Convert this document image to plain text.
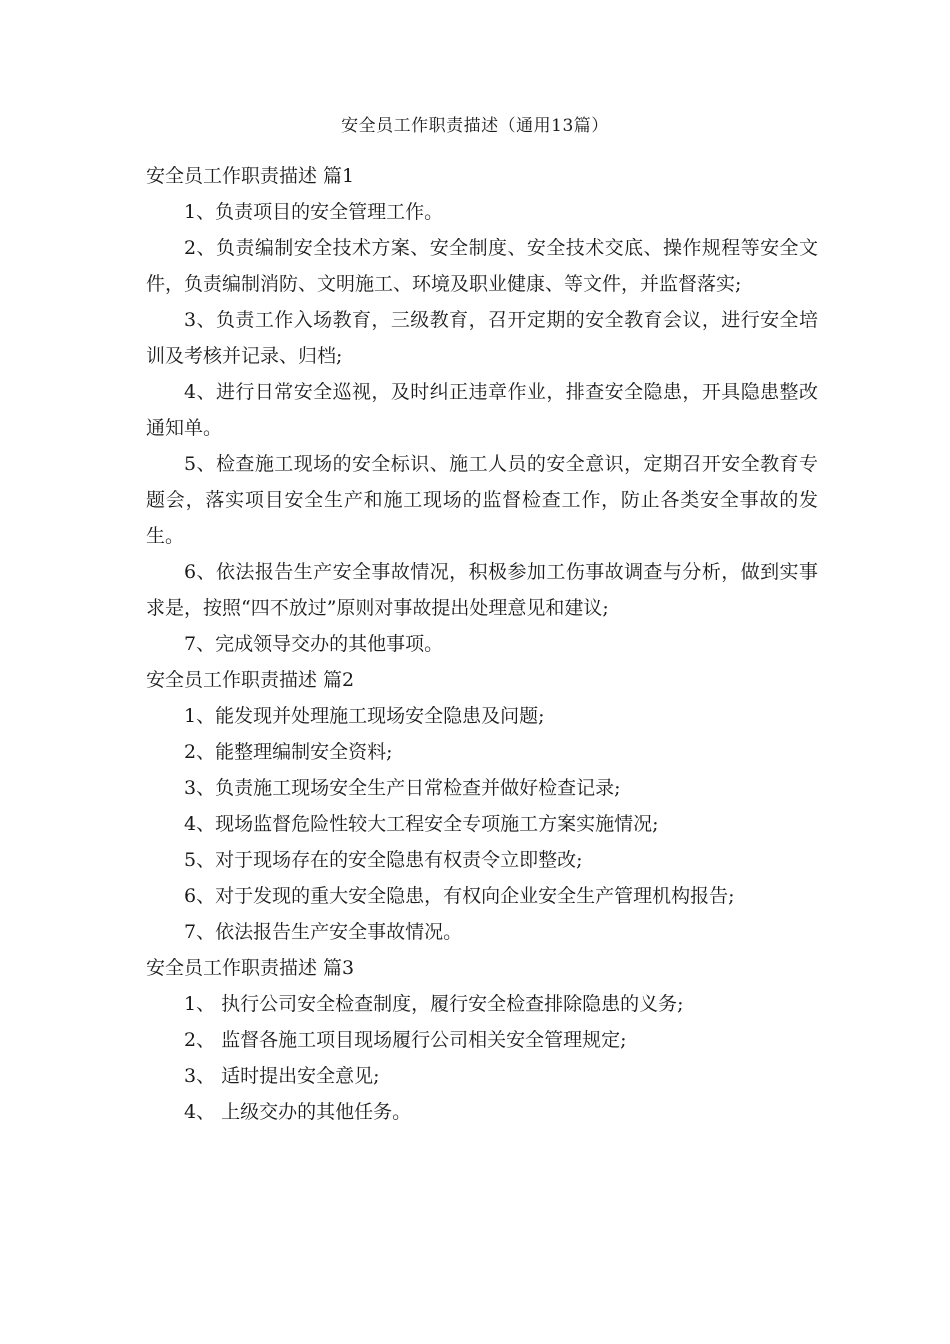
安全员工作职责描述（通用13篇）
安全员工作职责描述 篇1

1、负责项目的安全管理工作。

2、负责编制安全技术方案、安全制度、安全技术交底、操作规程等安全文件，负责编制消防、文明施工、环境及职业健康、等文件，并监督落实;

3、负责工作入场教育，三级教育，召开定期的安全教育会议，进行安全培训及考核并记录、归档;

4、进行日常安全巡视，及时纠正违章作业，排查安全隐患，开具隐患整改通知单。

5、检查施工现场的安全标识、施工人员的安全意识，定期召开安全教育专题会，落实项目安全生产和施工现场的监督检查工作，防止各类安全事故的发生。

6、依法报告生产安全事故情况，积极参加工伤事故调查与分析，做到实事求是，按照“四不放过”原则对事故提出处理意见和建议;

7、完成领导交办的其他事项。

安全员工作职责描述 篇2

1、能发现并处理施工现场安全隐患及问题;

2、能整理编制安全资料;

3、负责施工现场安全生产日常检查并做好检查记录;

4、现场监督危险性较大工程安全专项施工方案实施情况;

5、对于现场存在的安全隐患有权责令立即整改;

6、对于发现的重大安全隐患，有权向企业安全生产管理机构报告;

7、依法报告生产安全事故情况。

安全员工作职责描述 篇3

1、 执行公司安全检查制度，履行安全检查排除隐患的义务;

2、 监督各施工项目现场履行公司相关安全管理规定;

3、 适时提出安全意见;

4、 上级交办的其他任务。
